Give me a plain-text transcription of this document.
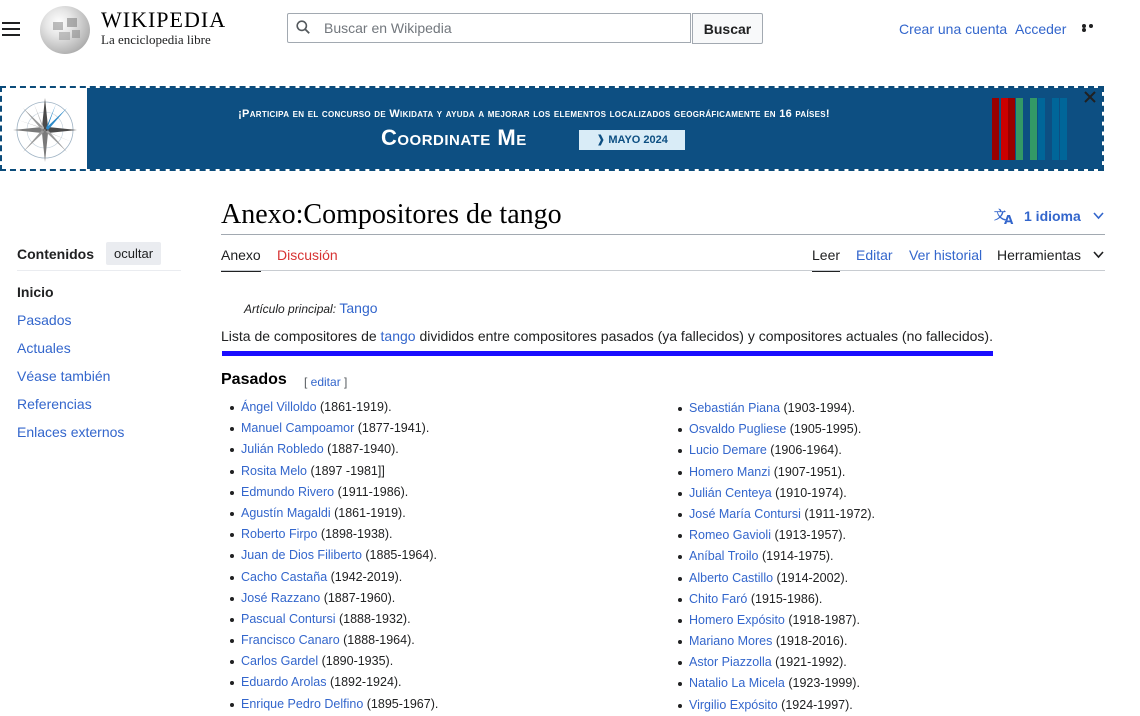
WIKIPEDIA
La enciclopedia libre
Buscar en Wikipedia
Buscar	Crear una cuenta Acceder
¡Participa en el concurso de Wikidata y ayuda a mejorar los elementos localizados geográficamente en 16 países!
Coordinate Me	❱ MAYO 2024
Anexo:Compositores de tango	文
A 1 idioma
Anexo Discusión	Leer Editar Ver historial Herramientas
Contenidos	ocultar
Inicio
Pasados
Actuales
Véase también
Referencias
Enlaces externos
Artículo principal: Tango
Lista de compositores de tango divididos entre compositores pasados (ya fallecidos) y compositores actuales (no fallecidos).
Pasados [ editar ]
Ángel Villoldo (1861-1919).
Manuel Campoamor (1877-1941).
Julián Robledo (1887-1940).
Rosita Melo (1897 -1981]]
Edmundo Rivero (1911-1986).
Agustín Magaldi (1861-1919).
Roberto Firpo (1898-1938).
Juan de Dios Filiberto (1885-1964).
Cacho Castaña (1942-2019).
José Razzano (1887-1960).
Pascual Contursi (1888-1932).
Francisco Canaro (1888-1964).
Carlos Gardel (1890-1935).
Eduardo Arolas (1892-1924).
Enrique Pedro Delfino (1895-1967).
Sebastián Piana (1903-1994).
Osvaldo Pugliese (1905-1995).
Lucio Demare (1906-1964).
Homero Manzi (1907-1951).
Julián Centeya (1910-1974).
José María Contursi (1911-1972).
Romeo Gavioli (1913-1957).
Aníbal Troilo (1914-1975).
Alberto Castillo (1914-2002).
Chito Faró (1915-1986).
Homero Expósito (1918-1987).
Mariano Mores (1918-2016).
Astor Piazzolla (1921-1992).
Natalio La Micela (1923-1999).
Virgilio Expósito (1924-1997).
